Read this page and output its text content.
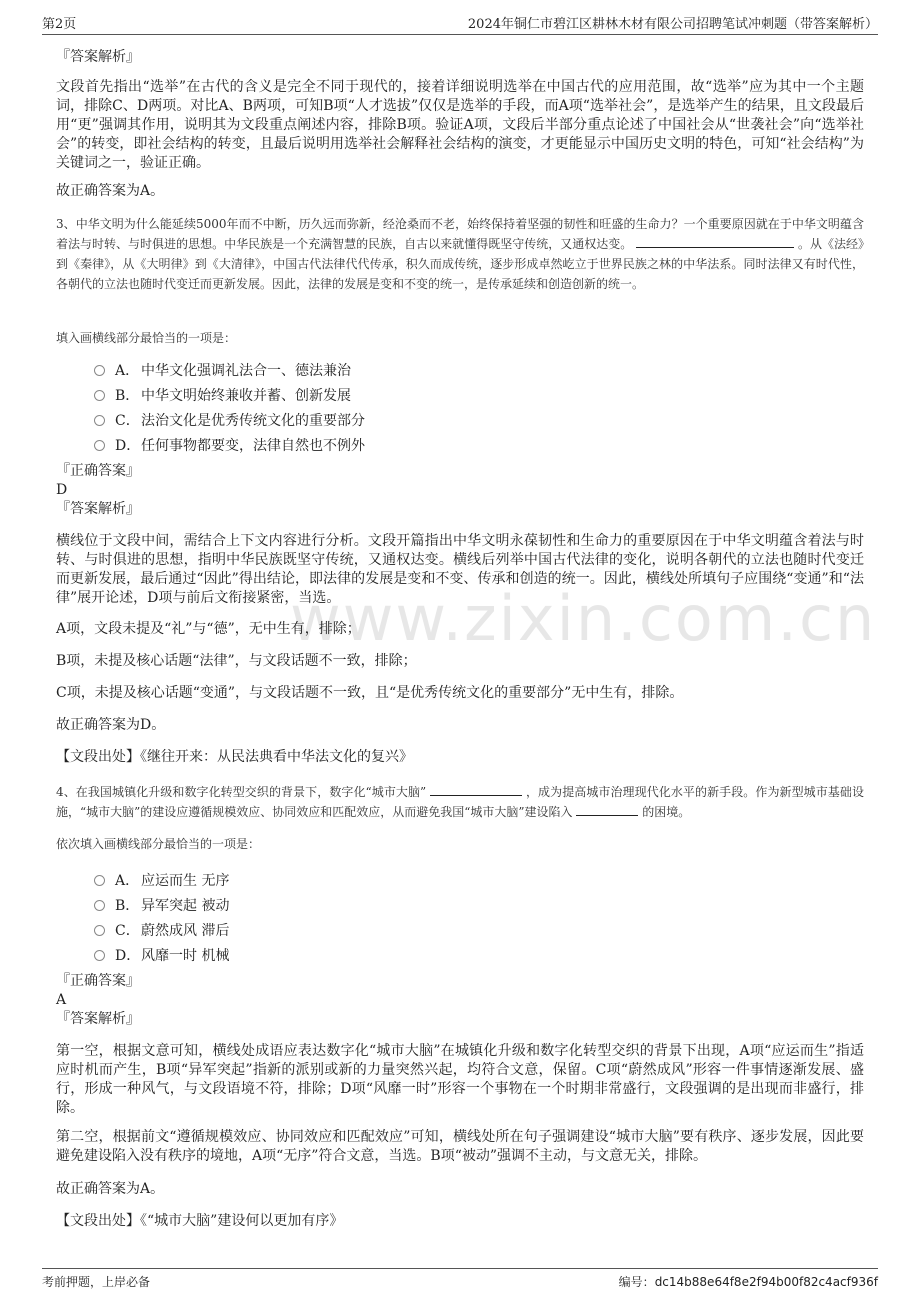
第2页	2024年铜仁市碧江区耕林木材有限公司招聘笔试冲刺题（带答案解析）
www.zixin.com.cn
『答案解析』

文段首先指出“选举”在古代的含义是完全不同于现代的，接着详细说明选举在中国古代的应用范围，故“选举”应为其中一个主题词，排除C、D两项。对比A、B两项，可知B项“人才选拔”仅仅是选举的手段，而A项“选举社会”，是选举产生的结果，且文段最后用“更”强调其作用，说明其为文段重点阐述内容，排除B项。验证A项，文段后半部分重点论述了中国社会从“世袭社会”向“选举社会”的转变，即社会结构的转变，且最后说明用选举社会解释社会结构的演变，才更能显示中国历史文明的特色，可知“社会结构”为关键词之一，验证正确。

故正确答案为A。

3、中华文明为什么能延续5000年而不中断，历久远而弥新，经沧桑而不老，始终保持着坚强的韧性和旺盛的生命力？一个重要原因就在于中华文明蕴含着法与时转、与时俱进的思想。中华民族是一个充满智慧的民族，自古以来就懂得既坚守传统，又通权达变。	。从《法经》到《秦律》，从《大明律》到《大清律》，中国古代法律代代传承，积久而成传统，逐步形成卓然屹立于世界民族之林的中华法系。同时法律又有时代性，各朝代的立法也随时代变迁而更新发展。因此，法律的发展是变和不变的统一，是传承延续和创造创新的统一。

填入画横线部分最恰当的一项是：
A． 中华文化强调礼法合一、德法兼治
B． 中华文明始终兼收并蓄、创新发展
C． 法治文化是优秀传统文化的重要部分
D． 任何事物都要变，法律自然也不例外
『正确答案』
D
『答案解析』

横线位于文段中间，需结合上下文内容进行分析。文段开篇指出中华文明永葆韧性和生命力的重要原因在于中华文明蕴含着法与时转、与时俱进的思想，指明中华民族既坚守传统，又通权达变。横线后列举中国古代法律的变化，说明各朝代的立法也随时代变迁而更新发展，最后通过“因此”得出结论，即法律的发展是变和不变、传承和创造的统一。因此，横线处所填句子应围绕“变通”和“法律”展开论述，D项与前后文衔接紧密，当选。

A项，文段未提及“礼”与“德”，无中生有，排除；

B项，未提及核心话题“法律”，与文段话题不一致，排除；

C项，未提及核心话题“变通”，与文段话题不一致，且“是优秀传统文化的重要部分”无中生有，排除。

故正确答案为D。
【文段出处】《继往开来：从民法典看中华法文化的复兴》

4、在我国城镇化升级和数字化转型交织的背景下，数字化“城市大脑”	，成为提高城市治理现代化水平的新手段。作为新型城市基础设施，“城市大脑”的建设应遵循规模效应、协同效应和匹配效应，从而避免我国“城市大脑”建设陷入	的困境。

依次填入画横线部分最恰当的一项是：
A． 应运而生 无序
B． 异军突起 被动
C． 蔚然成风 滞后
D． 风靡一时 机械
『正确答案』
A
『答案解析』

第一空，根据文意可知，横线处成语应表达数字化“城市大脑”在城镇化升级和数字化转型交织的背景下出现，A项“应运而生”指适应时机而产生，B项“异军突起”指新的派别或新的力量突然兴起，均符合文意，保留。C项“蔚然成风”形容一件事情逐渐发展、盛行，形成一种风气，与文段语境不符，排除；D项“风靡一时”形容一个事物在一个时期非常盛行，文段强调的是出现而非盛行，排除。

第二空，根据前文“遵循规模效应、协同效应和匹配效应”可知，横线处所在句子强调建设“城市大脑”要有秩序、逐步发展，因此要避免建设陷入没有秩序的境地，A项“无序”符合文意，当选。B项“被动”强调不主动，与文意无关，排除。

故正确答案为A。
【文段出处】《“城市大脑”建设何以更加有序》
考前押题，上岸必备	编号：dc14b88e64f8e2f94b00f82c4acf936f
